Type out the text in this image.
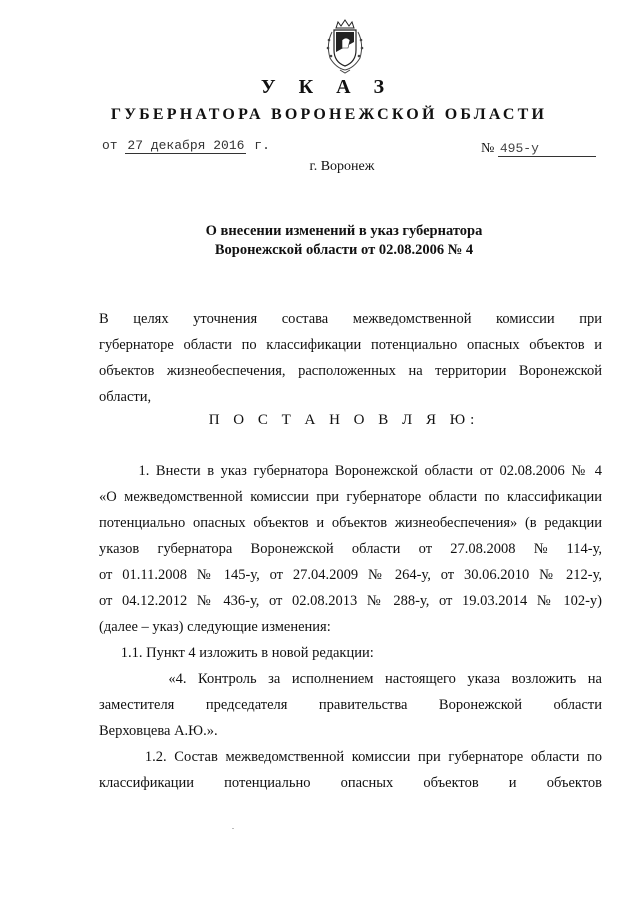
У К А З
ГУБЕРНАТОРА ВОРОНЕЖСКОЙ ОБЛАСТИ
от 27 декабря 2016 г.	№ 495-у
г. Воронеж
О внесении изменений в указ губернатора
Воронежской области от 02.08.2006 № 4
В      целях      уточнения      состава      межведомственной      комиссии      при
губернаторе области по классификации потенциально опасных объектов и
объектов жизнеобеспечения, расположенных на территории Воронежской
области,
П О С Т А Н О В Л Я Ю:
1. Внести в указ губернатора Воронежской области от 02.08.2006 № 4
«О межведомственной комиссии при губернаторе области по классификации
потенциально опасных объектов и объектов жизнеобеспечения» (в редакции
указов губернатора Воронежской области от 27.08.2008 № 114-у,
от 01.11.2008 № 145-у, от 27.04.2009 № 264-у, от 30.06.2010 № 212-у,
от 04.12.2012 № 436-у, от 02.08.2013 № 288-у, от 19.03.2014 № 102-у)
(далее – указ) следующие изменения:
1.1. Пункт 4 изложить в новой редакции:
«4. Контроль за исполнением настоящего указа возложить на
заместителя председателя правительства Воронежской области
Верховцева А.Ю.».
1.2. Состав межведомственной комиссии при губернаторе области по
классификации потенциально опасных объектов и объектов
